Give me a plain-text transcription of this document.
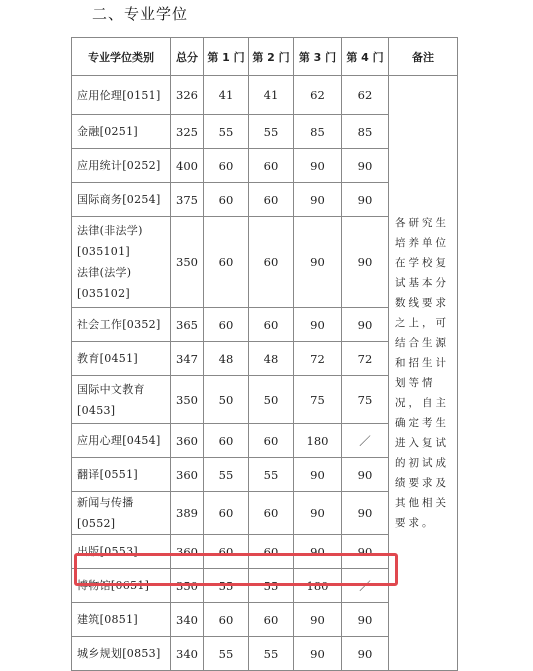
二、专业学位
专业学位类别	总分	第 1 门	第 2 门	第 3 门	第 4 门	备注
应用伦理[0151]	326	41	41	62	62	各研究生培养单位在学校复试基本分数线要求之上，可结合生源和招生计划等情况，自主确定考生进入复试的初试成绩要求及其他相关要求。
金融[0251]	325	55	55	85	85	
应用统计[0252]	400	60	60	90	90	
国际商务[0254]	375	60	60	90	90	

法律(非法学)
[035101]
法律(法学)
[035102]	350	60	60	90	90	
社会工作[0352]	365	60	60	90	90	
教育[0451]	347	48	48	72	72	

国际中文教育
[0453]	350	50	50	75	75	
应用心理[0454]	360	60	60	180	／	
翻译[0551]	360	55	55	90	90	
新闻与传播[0552]	389	60	60	90	90	
出版[0553]	360	60	60	90	90	
博物馆[0651]	350	55	55	180	／	
建筑[0851]	340	60	60	90	90	
城乡规划[0853]	340	55	55	90	90	
